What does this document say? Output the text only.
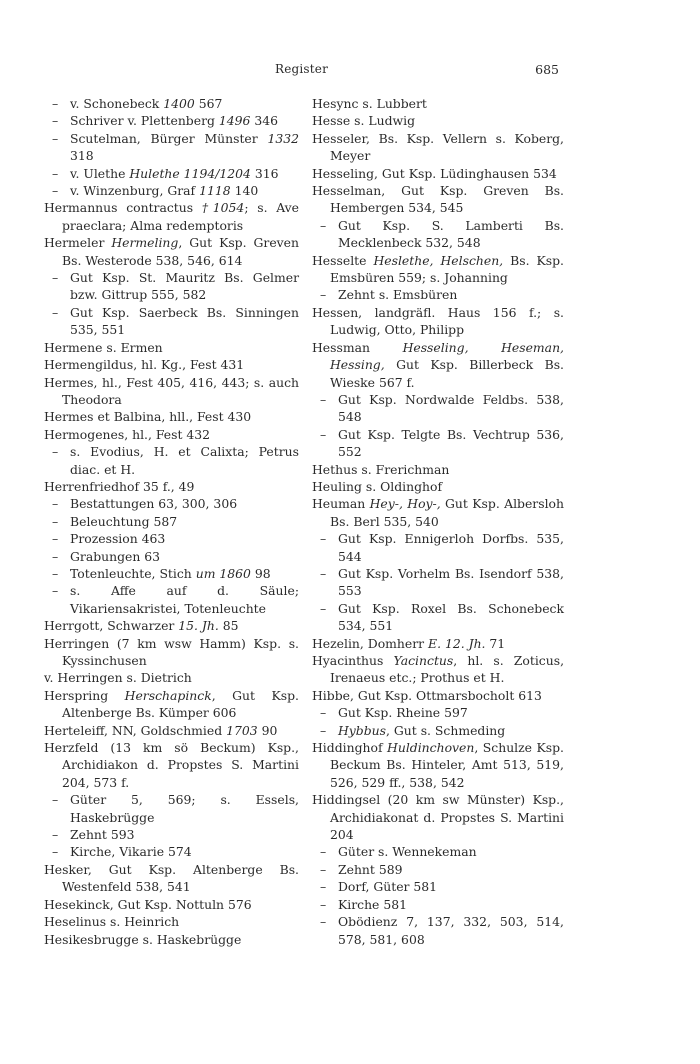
Register	685

– v. Schonebeck 1400 567

– Schriver v. Plettenberg 1496 346

– Scutelman, Bürger Münster 1332 318

– v. Ulethe Hulethe 1194/1204 316

– v. Winzenburg, Graf 1118 140

Hermannus contractus †1054; s. Ave praeclara; Alma redemptoris

Hermeler Hermeling, Gut Ksp. Greven Bs. Westerode 538, 546, 614

– Gut Ksp. St. Mauritz Bs. Gelmer bzw. Gittrup 555, 582

– Gut Ksp. Saerbeck Bs. Sinningen 535, 551

Hermene s. Ermen

Hermengildus, hl. Kg., Fest 431

Hermes, hl., Fest 405, 416, 443; s. auch Theodora

Hermes et Balbina, hll., Fest 430

Hermogenes, hl., Fest 432

– s. Evodius, H. et Calixta; Petrus diac. et H.

Herrenfriedhof 35 f., 49

– Bestattungen 63, 300, 306

– Beleuchtung 587

– Prozession 463

– Grabungen 63

– Totenleuchte, Stich um 1860 98

– s. Affe auf d. Säule; Vikariensakristei, Totenleuchte

Herrgott, Schwarzer 15. Jh. 85

Herringen (7 km wsw Hamm) Ksp. s. Kyssinchusen

v. Herringen s. Dietrich

Herspring Herschapinck, Gut Ksp. Altenberge Bs. Kümper 606

Herteleiff, NN, Goldschmied 1703 90

Herzfeld (13 km sö Beckum) Ksp., Archidiakon d. Propstes S. Martini 204, 573 f.

– Güter 5, 569; s. Essels, Haskebrügge

– Zehnt 593

– Kirche, Vikarie 574

Hesker, Gut Ksp. Altenberge Bs. Westenfeld 538, 541

Hesekinck, Gut Ksp. Nottuln 576

Heselinus s. Heinrich

Hesikesbrugge s. Haskebrügge

Hesync s. Lubbert

Hesse s. Ludwig

Hesseler, Bs. Ksp. Vellern s. Koberg, Meyer

Hesseling, Gut Ksp. Lüdinghausen 534

Hesselman, Gut Ksp. Greven Bs. Hembergen 534, 545

– Gut Ksp. S. Lamberti Bs. Mecklenbeck 532, 548

Hesselte Heslethe, Helschen, Bs. Ksp. Emsbüren 559; s. Johanning

– Zehnt s. Emsbüren

Hessen, landgräfl. Haus 156 f.; s. Ludwig, Otto, Philipp

Hessman Hesseling, Heseman, Hessing, Gut Ksp. Billerbeck Bs. Wieske 567 f.

– Gut Ksp. Nordwalde Feldbs. 538, 548

– Gut Ksp. Telgte Bs. Vechtrup 536, 552

Hethus s. Frerichman

Heuling s. Oldinghof

Heuman Hey-, Hoy-, Gut Ksp. Albersloh Bs. Berl 535, 540

– Gut Ksp. Ennigerloh Dorfbs. 535, 544

– Gut Ksp. Vorhelm Bs. Isendorf 538, 553

– Gut Ksp. Roxel Bs. Schonebeck 534, 551

Hezelin, Domherr E. 12. Jh. 71

Hyacinthus Yacinctus, hl. s. Zoticus, Irenaeus etc.; Prothus et H.

Hibbe, Gut Ksp. Ottmarsbocholt 613

– Gut Ksp. Rheine 597

– Hybbus, Gut s. Schmeding

Hiddinghof Huldinchoven, Schulze Ksp. Beckum Bs. Hinteler, Amt 513, 519, 526, 529 ff., 538, 542

Hiddingsel (20 km sw Münster) Ksp., Archidiakonat d. Propstes S. Martini 204

– Güter s. Wennekeman

– Zehnt 589

– Dorf, Güter 581

– Kirche 581

– Obödienz 7, 137, 332, 503, 514, 578, 581, 608
